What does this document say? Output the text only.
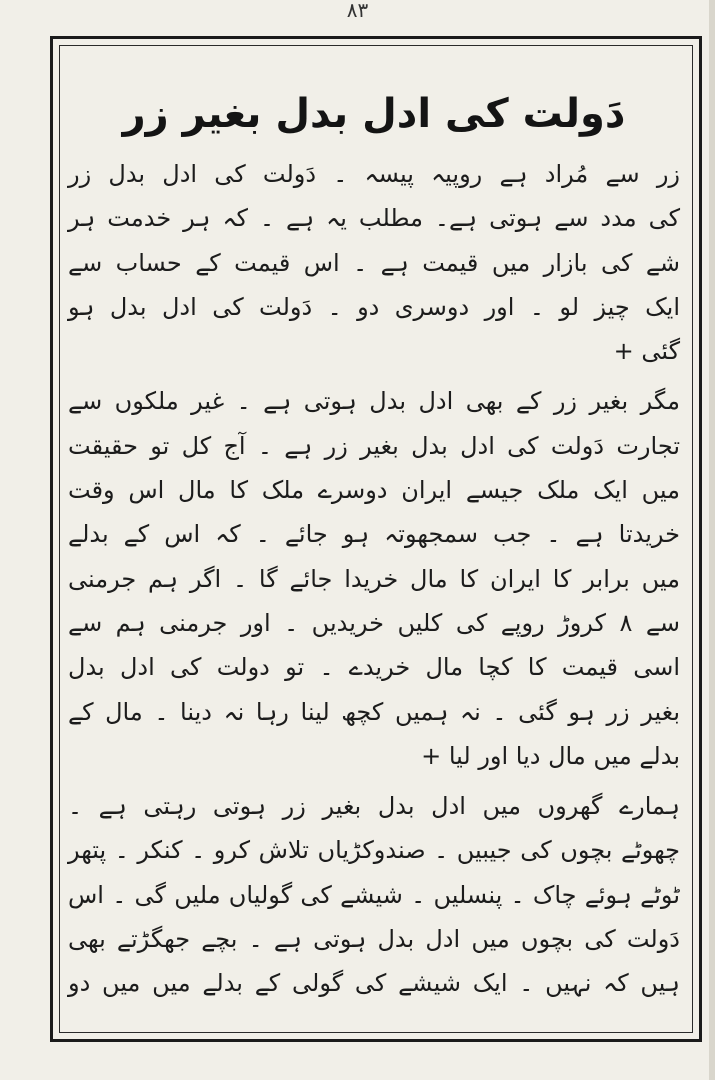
۸۳
دَولت کی ادل بدل بغیر زر
زر سے مُراد ہے روپیہ پیسہ ۔ دَولت کی ادل بدل زر
کی مدد سے ہوتی ہے۔ مطلب یہ ہے ۔ کہ ہر خدمت ہر
شے کی بازار میں قیمت ہے ۔ اس قیمت کے حساب سے
ایک چیز لو ۔ اور دوسری دو ۔ دَولت کی ادل بدل ہو
گئی +
مگر بغیر زر کے بھی ادل بدل ہوتی ہے ۔ غیر ملکوں سے
تجارت دَولت کی ادل بدل بغیر زر ہے ۔ آج کل تو حقیقت
میں ایک ملک جیسے ایران دوسرے ملک کا مال اس وقت
خریدتا ہے ۔ جب سمجھوتہ ہو جائے ۔ کہ اس کے بدلے
میں برابر کا ایران کا مال خریدا جائے گا ۔ اگر ہم جرمنی
سے ۸ کروڑ روپے کی کلیں خریدیں ۔ اور جرمنی ہم سے
اسی قیمت کا کچا مال خریدے ۔ تو دولت کی ادل بدل
بغیر زر ہو گئی ۔ نہ ہمیں کچھ لینا رہا نہ دینا ۔ مال کے
بدلے میں مال دیا اور لیا +
ہمارے گھروں میں ادل بدل بغیر زر ہوتی رہتی ہے ۔
چھوٹے بچوں کی جیبیں ۔ صندوکڑیاں تلاش کرو ۔ کنکر ۔ پتھر
ٹوٹے ہوئے چاک ۔ پنسلیں ۔ شیشے کی گولیاں ملیں گی ۔ اس
دَولت کی بچوں میں ادل بدل ہوتی ہے ۔ بچے جھگڑتے بھی
ہیں کہ نہیں ۔ ایک شیشے کی گولی کے بدلے میں میں دو
